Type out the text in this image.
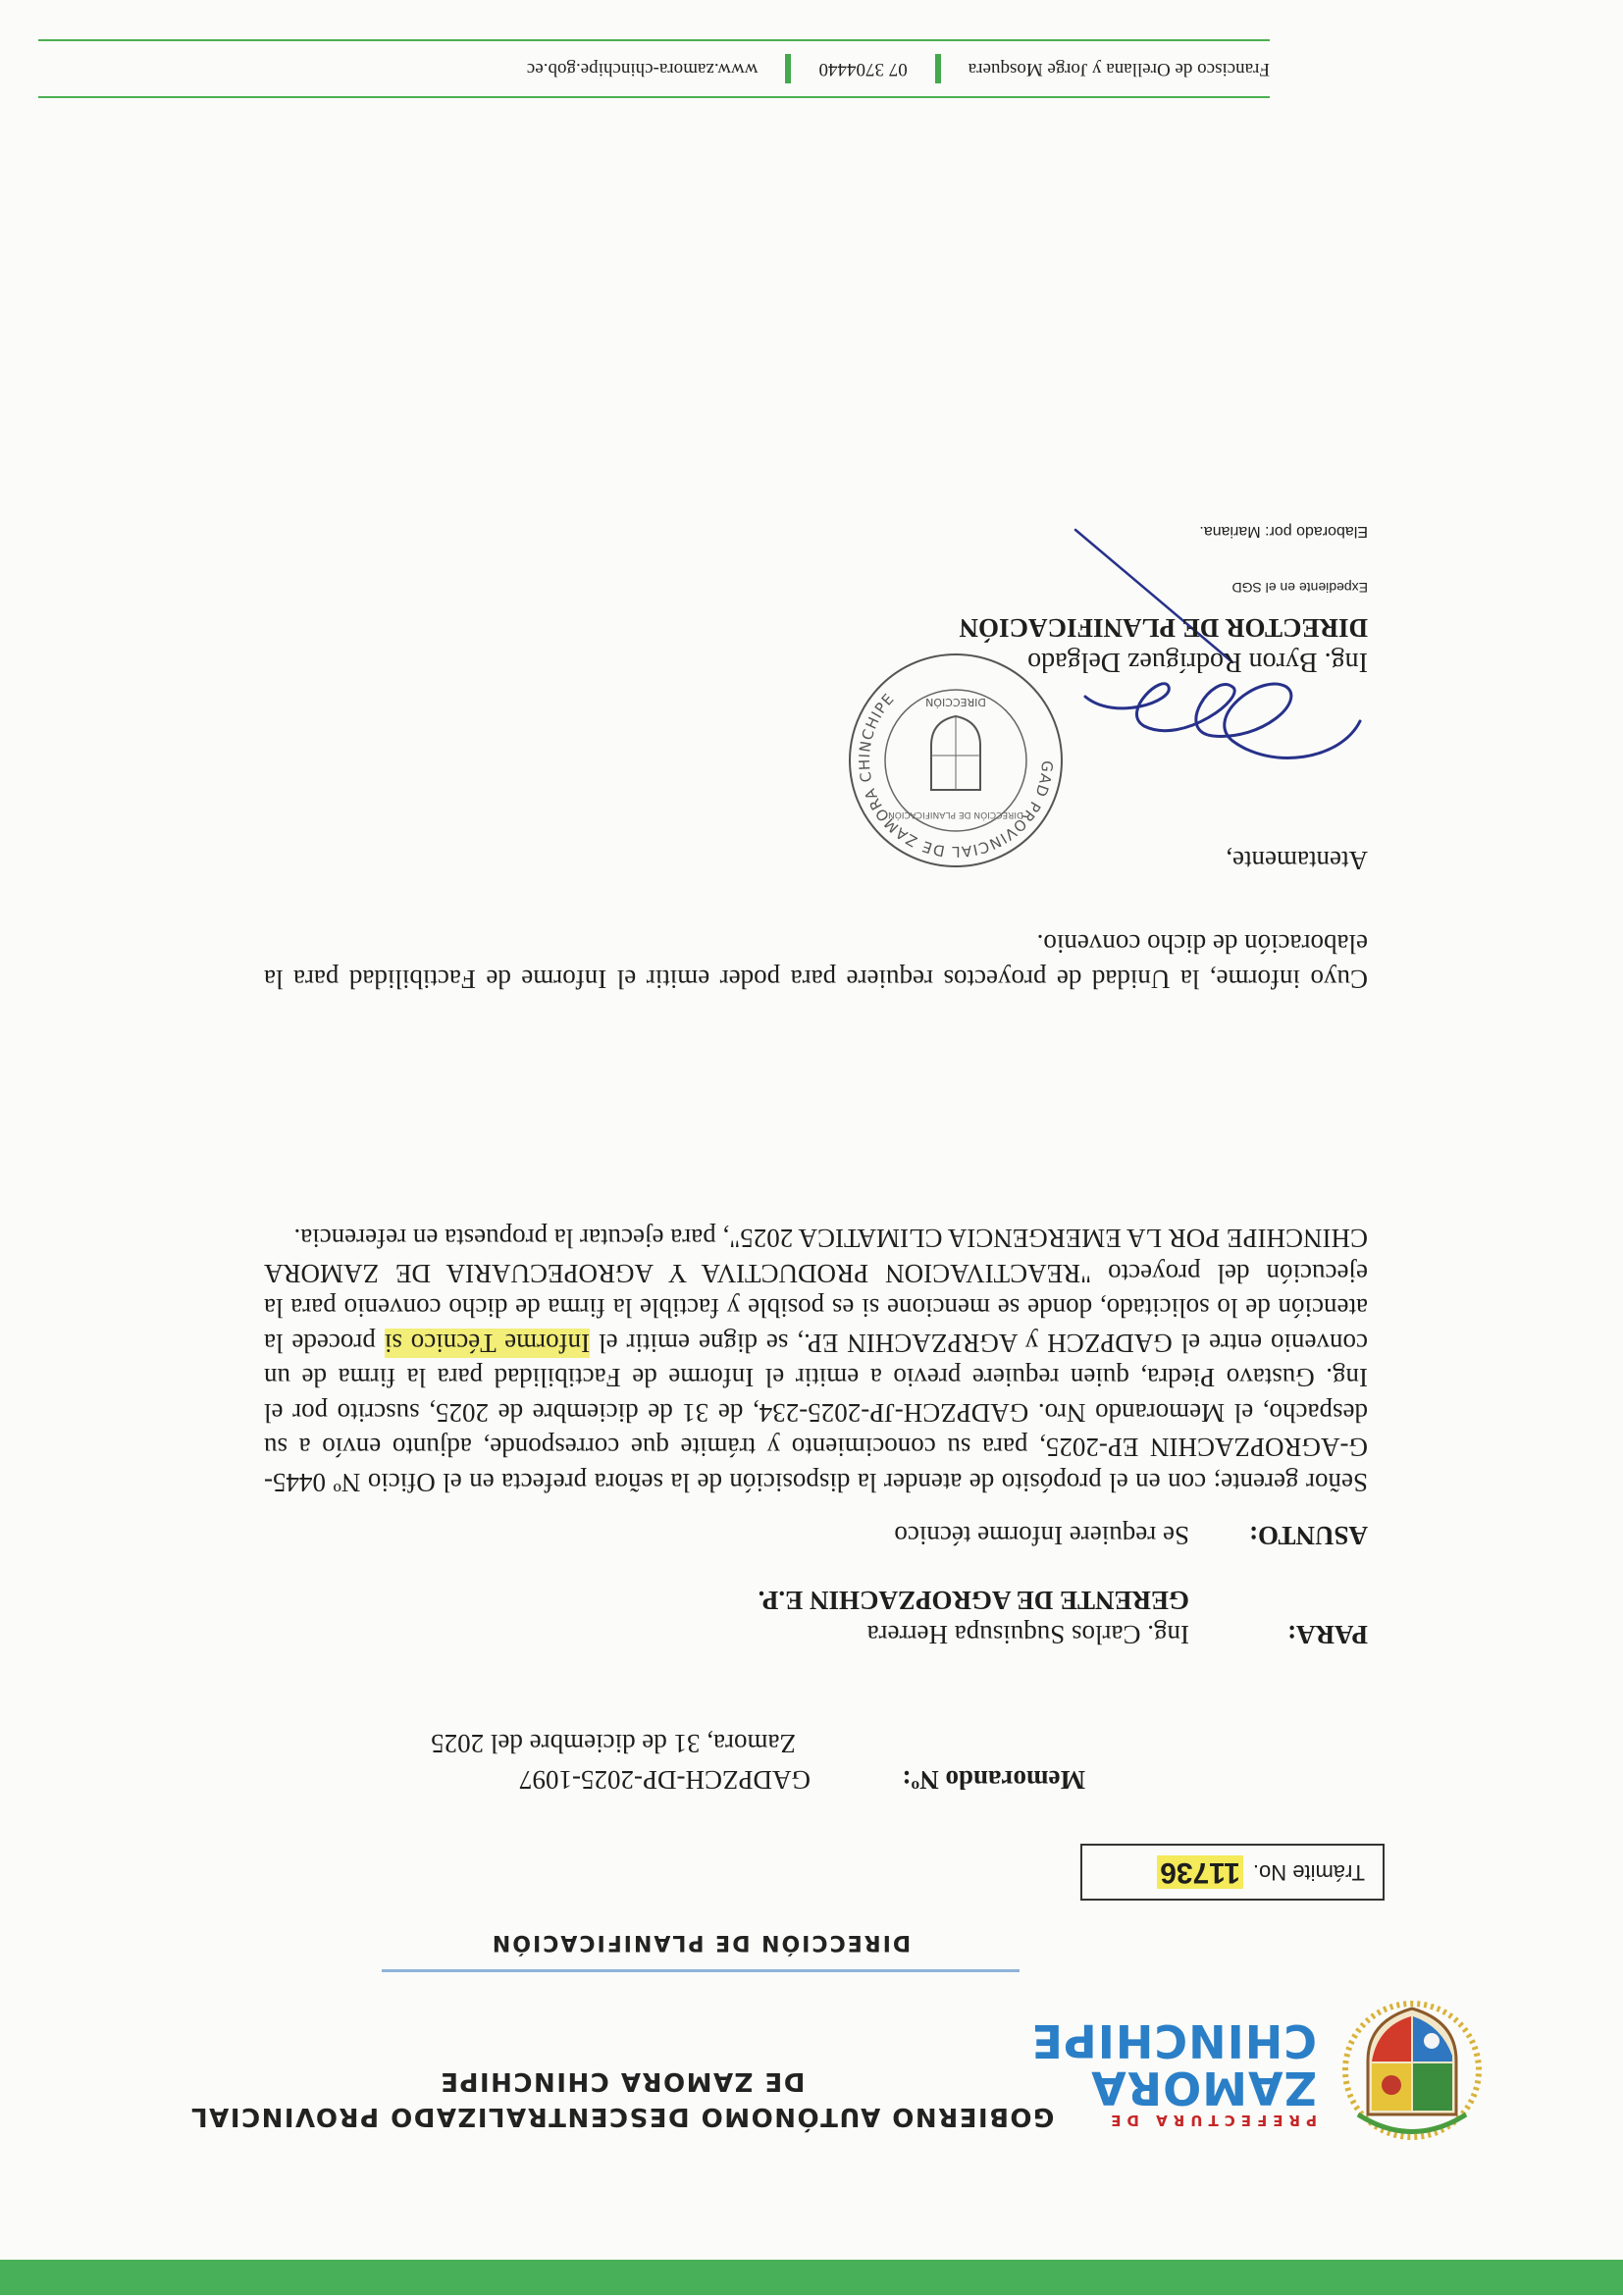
PREFECTURA DE
ZAMORA
CHINCHIPE
GOBIERNO AUTÓNOMO DESCENTRALIZADO PROVINCIAL
DE ZAMORA CHINCHIPE
DIRECCIÓN DE PLANIFICACIÓN
Trámite No.
11736
Memorando Nº:
GADPZCH-DP-2025-1097
Zamora, 31 de diciembre del 2025
PARA:
Ing. Carlos Suquisupa Herrera
GERENTE DE AGROPZACHIN E.P.
ASUNTO:
Se requiere Informe técnico

Señor gerente; con en el propósito de atender la disposición de la señora prefecta en el Oficio Nº 0445-G-AGROPZACHIN EP-2025, para su conocimiento y trámite que corresponde, adjunto envío a su despacho, el Memorando Nro. GADPZCH-JP-2025-234, de 31 de diciembre de 2025, suscrito por el Ing. Gustavo Piedra, quien requiere previo a emitir el Informe de Factibilidad para la firma de un convenio entre el GADPZCH y AGRPZACHIN EP., se digne emitir el Informe Técnico si procede la atención de lo solicitado, donde se mencione si es posible y factible la firma de dicho convenio para la ejecución del proyecto "REACTIVACION PRODUCTIVA Y AGROPECUARIA DE ZAMORA CHINCHIPE POR LA EMERGENCIA CLIMATICA 2025", para ejecutar la propuesta en referencia.

Cuyo informe, la Unidad de proyectos requiere para poder emitir el Informe de Factibilidad para la elaboración de dicho convenio.
Atentamente,
GAD PROVINCIAL DE ZAMORA CHINCHIPE	DIRECCIÓN
DIRECCIÓN DE PLANIFICACIÓN
Ing. Byron Rodríguez Delgado
DIRECTOR DE PLANIFICACIÓN
Expediente en el SGD
Elaborado por: Mariana.
Francisco de Orellana y Jorge Mosquera
07 3704440
www.zamora-chinchipe.gob.ec
